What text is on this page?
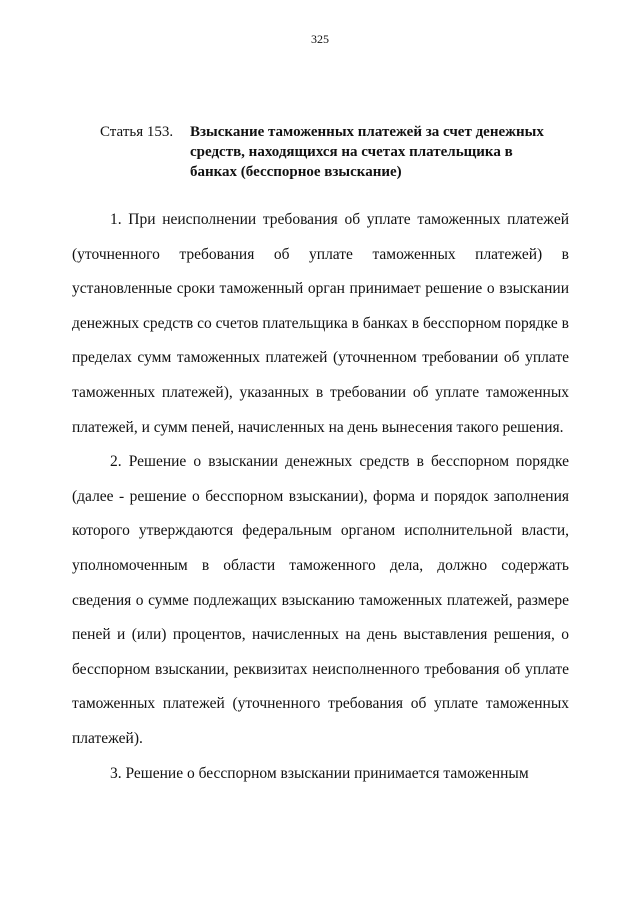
325
Статья 153.	Взыскание таможенных платежей за счет денежных средств, находящихся на счетах плательщика в банках (бесспорное взыскание)

1. При неисполнении требования об уплате таможенных платежей (уточненного требования об уплате таможенных платежей) в установленные сроки таможенный орган принимает решение о взыскании денежных средств со счетов плательщика в банках в бесспорном порядке в пределах сумм таможенных платежей (уточненном требовании об уплате таможенных платежей), указанных в требовании об уплате таможенных платежей, и сумм пеней, начисленных на день вынесения такого решения.

2. Решение о взыскании денежных средств в бесспорном порядке (далее - решение о бесспорном взыскании), форма и порядок заполнения которого утверждаются федеральным органом исполнительной власти, уполномоченным в области таможенного дела, должно содержать сведения о сумме подлежащих взысканию таможенных платежей, размере пеней и (или) процентов, начисленных на день выставления решения, о бесспорном взыскании, реквизитах неисполненного требования об уплате таможенных платежей (уточненного требования об уплате таможенных платежей).

3. Решение о бесспорном взыскании принимается таможенным
